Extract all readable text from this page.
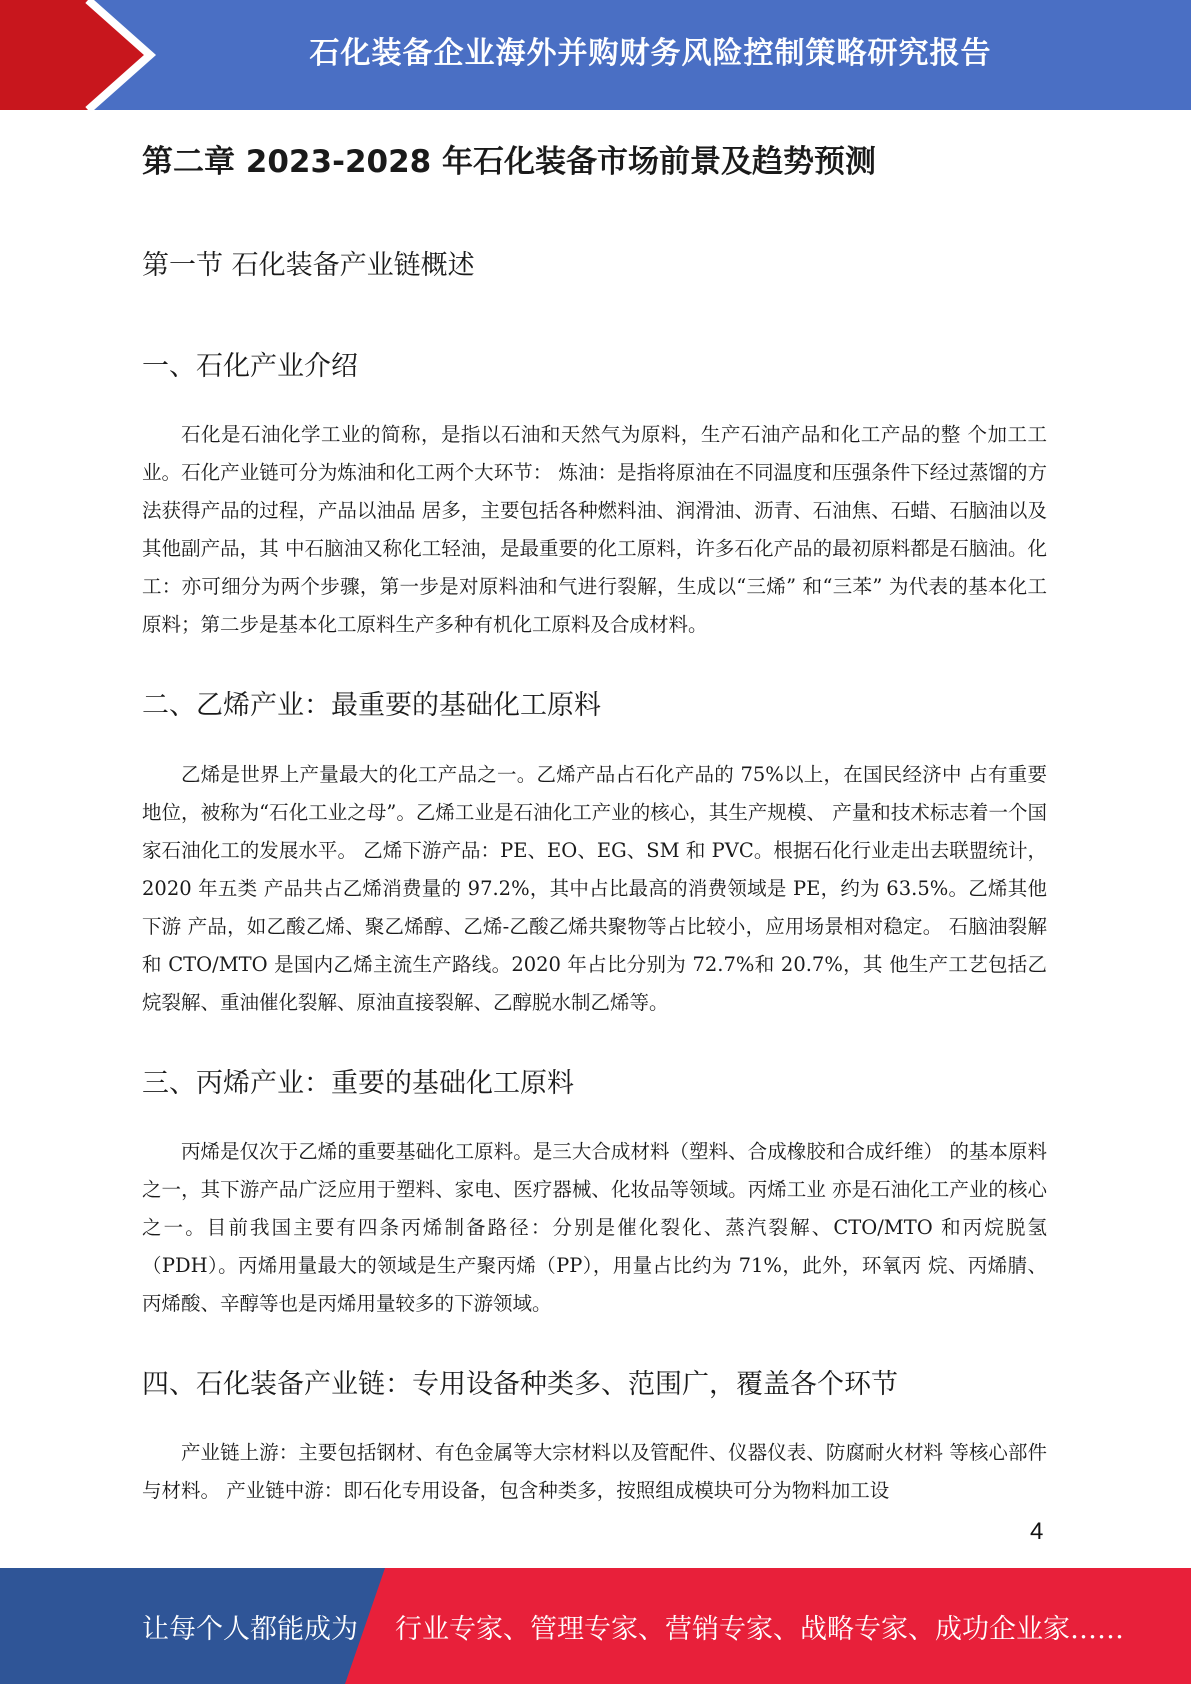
石化装备企业海外并购财务风险控制策略研究报告
第二章 2023-2028 年石化装备市场前景及趋势预测
第一节 石化装备产业链概述
一、石化产业介绍

石化是石油化学工业的简称，是指以石油和天然气为原料，生产石油产品和化工产品的整 个加工工业。石化产业链可分为炼油和化工两个大环节： 炼油：是指将原油在不同温度和压强条件下经过蒸馏的方法获得产品的过程，产品以油品 居多，主要包括各种燃料油、润滑油、沥青、石油焦、石蜡、石脑油以及其他副产品，其 中石脑油又称化工轻油，是最重要的化工原料，许多石化产品的最初原料都是石脑油。化工：亦可细分为两个步骤，第一步是对原料油和气进行裂解，生成以“三烯” 和“三苯” 为代表的基本化工原料；第二步是基本化工原料生产多种有机化工原料及合成材料。

二、乙烯产业：最重要的基础化工原料

乙烯是世界上产量最大的化工产品之一。乙烯产品占石化产品的 75%以上，在国民经济中 占有重要地位，被称为“石化工业之母”。乙烯工业是石油化工产业的核心，其生产规模、 产量和技术标志着一个国家石油化工的发展水平。 乙烯下游产品：PE、EO、EG、SM 和 PVC。根据石化行业走出去联盟统计，2020 年五类 产品共占乙烯消费量的 97.2%，其中占比最高的消费领域是 PE，约为 63.5%。乙烯其他下游 产品，如乙酸乙烯、聚乙烯醇、乙烯-乙酸乙烯共聚物等占比较小，应用场景相对稳定。 石脑油裂解和 CTO/MTO 是国内乙烯主流生产路线。2020 年占比分别为 72.7%和 20.7%，其 他生产工艺包括乙烷裂解、重油催化裂解、原油直接裂解、乙醇脱水制乙烯等。

三、丙烯产业：重要的基础化工原料

丙烯是仅次于乙烯的重要基础化工原料。是三大合成材料（塑料、合成橡胶和合成纤维） 的基本原料之一，其下游产品广泛应用于塑料、家电、医疗器械、化妆品等领域。丙烯工业 亦是石油化工产业的核心之一。目前我国主要有四条丙烯制备路径：分别是催化裂化、蒸汽裂解、CTO/MTO 和丙烷脱氢 （PDH）。丙烯用量最大的领域是生产聚丙烯（PP），用量占比约为 71%，此外，环氧丙 烷、丙烯腈、丙烯酸、辛醇等也是丙烯用量较多的下游领域。

四、石化装备产业链：专用设备种类多、范围广，覆盖各个环节

产业链上游：主要包括钢材、有色金属等大宗材料以及管配件、仪器仪表、防腐耐火材料 等核心部件与材料。 产业链中游：即石化专用设备，包含种类多，按照组成模块可分为物料加工设

4
让每个人都能成为 行业专家、管理专家、营销专家、战略专家、成功企业家……
